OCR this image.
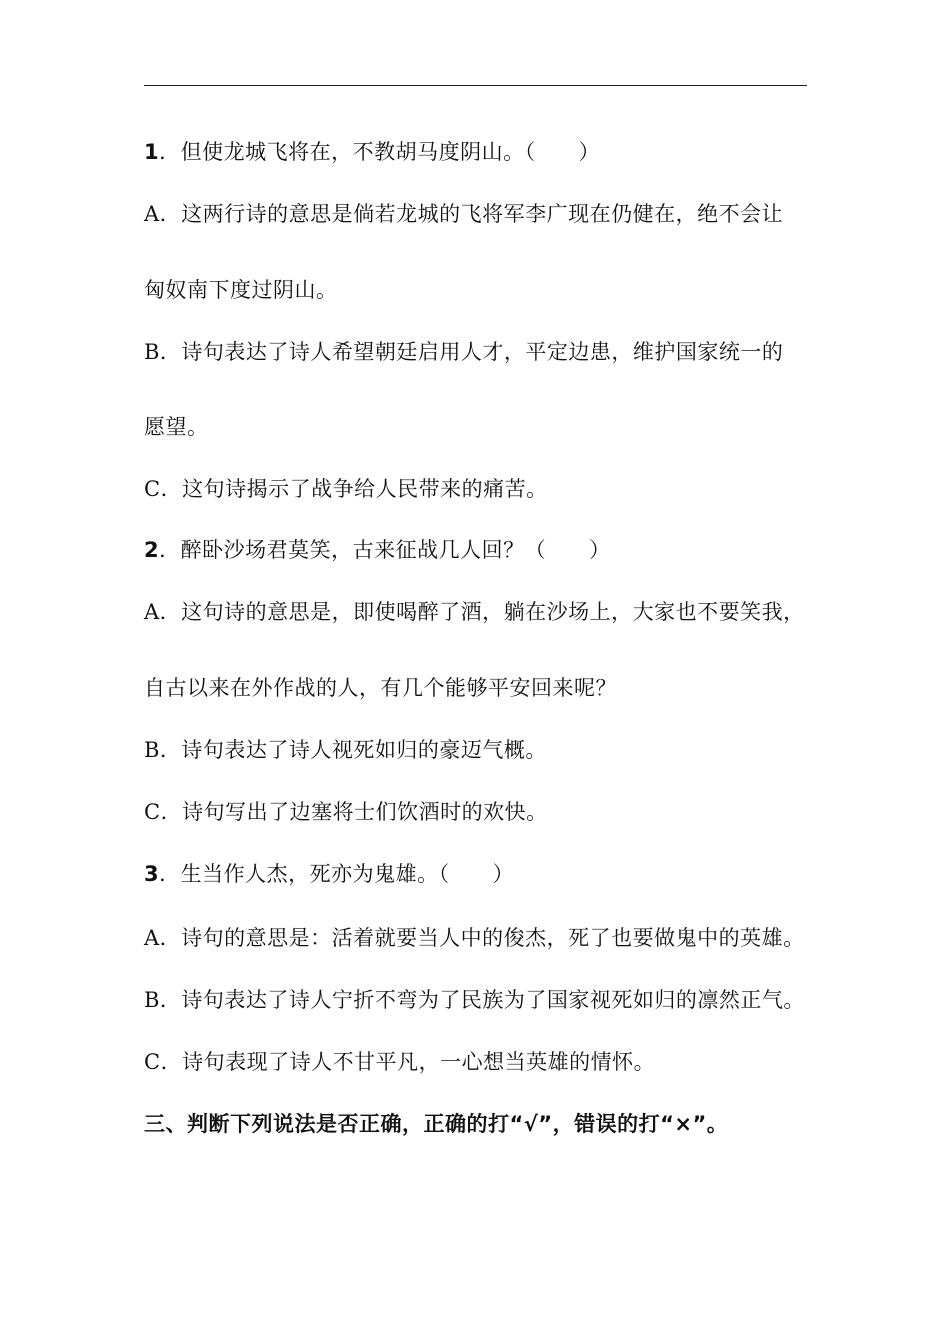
1．但使龙城飞将在，不教胡马度阴山。（　　）
A．这两行诗的意思是倘若龙城的飞将军李广现在仍健在，绝不会让
匈奴南下度过阴山。
B．诗句表达了诗人希望朝廷启用人才，平定边患，维护国家统一的
愿望。
C．这句诗揭示了战争给人民带来的痛苦。
2．醉卧沙场君莫笑，古来征战几人回？（　　）
A．这句诗的意思是，即使喝醉了酒，躺在沙场上，大家也不要笑我，
自古以来在外作战的人，有几个能够平安回来呢？
B．诗句表达了诗人视死如归的豪迈气概。
C．诗句写出了边塞将士们饮酒时的欢快。
3．生当作人杰，死亦为鬼雄。（　　）
A．诗句的意思是：活着就要当人中的俊杰，死了也要做鬼中的英雄。
B．诗句表达了诗人宁折不弯为了民族为了国家视死如归的凛然正气。
C．诗句表现了诗人不甘平凡，一心想当英雄的情怀。
三、判断下列说法是否正确，正确的打“√”，错误的打“×”。
